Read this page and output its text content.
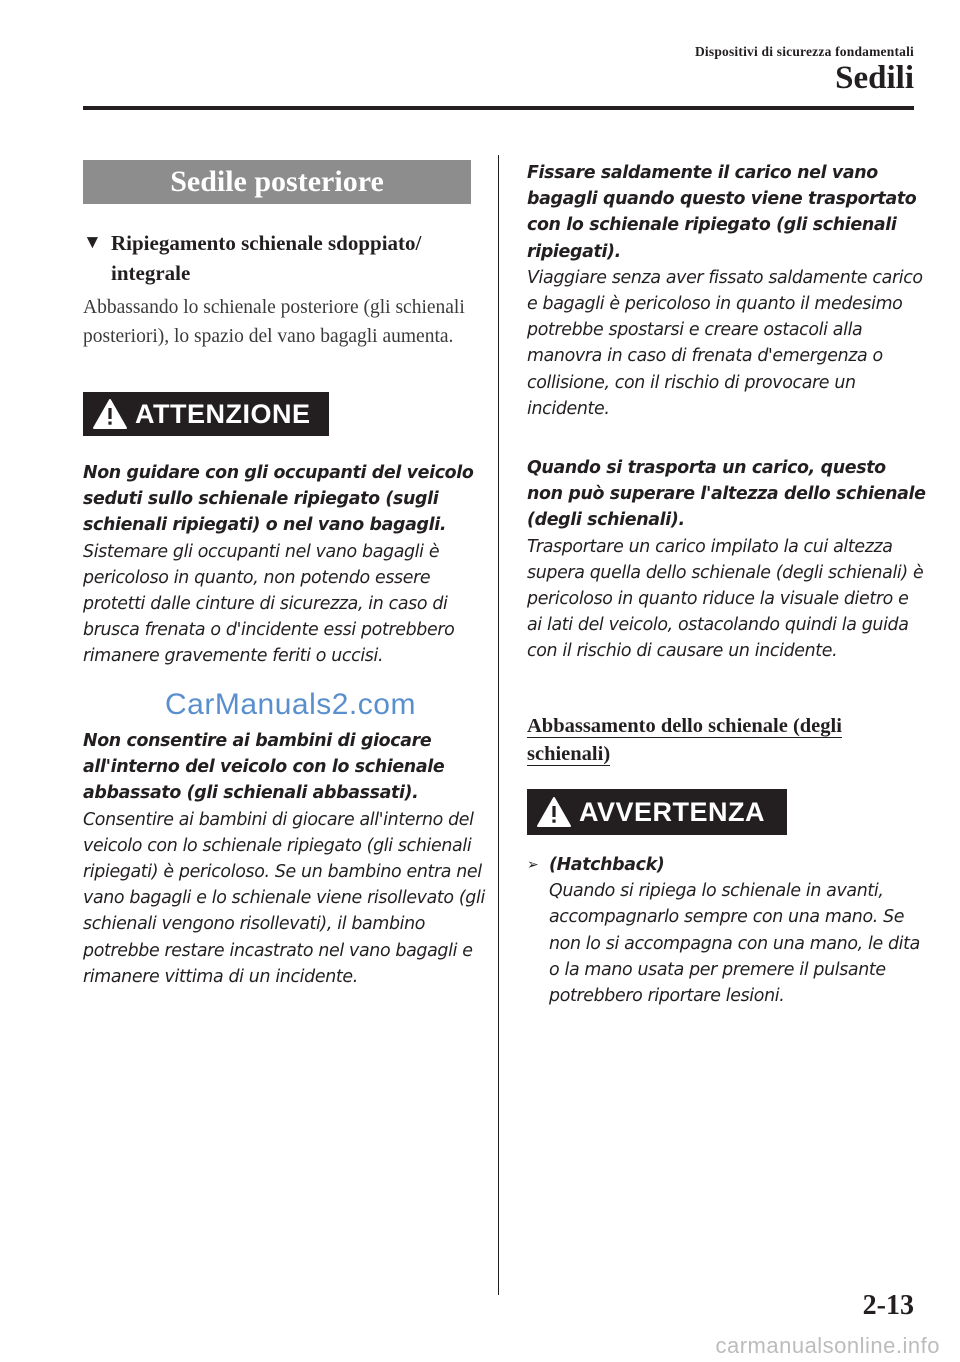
Dispositivi di sicurezza fondamentali
Sedili
Sedile posteriore
▼ Ripiegamento schienale sdoppiato/ integrale
Abbassando lo schienale posteriore (gli schienali posteriori), lo spazio del vano bagagli aumenta.
ATTENZIONE

Non guidare con gli occupanti del veicolo seduti sullo schienale ripiegato (sugli schienali ripiegati) o nel vano bagagli.

Sistemare gli occupanti nel vano bagagli è pericoloso in quanto, non potendo essere protetti dalle cinture di sicurezza, in caso di brusca frenata o d'incidente essi potrebbero rimanere gravemente feriti o uccisi.

CarManuals2.com

Non consentire ai bambini di giocare all'interno del veicolo con lo schienale abbassato (gli schienali abbassati).

Consentire ai bambini di giocare all'interno del veicolo con lo schienale ripiegato (gli schienali ripiegati) è pericoloso. Se un bambino entra nel vano bagagli e lo schienale viene risollevato (gli schienali vengono risollevati), il bambino potrebbe restare incastrato nel vano bagagli e rimanere vittima di un incidente.

Fissare saldamente il carico nel vano bagagli quando questo viene trasportato con lo schienale ripiegato (gli schienali ripiegati).

Viaggiare senza aver fissato saldamente carico e bagagli è pericoloso in quanto il medesimo potrebbe spostarsi e creare ostacoli alla manovra in caso di frenata d'emergenza o collisione, con il rischio di provocare un incidente.

Quando si trasporta un carico, questo non può superare l'altezza dello schienale (degli schienali).

Trasportare un carico impilato la cui altezza supera quella dello schienale (degli schienali) è pericoloso in quanto riduce la visuale dietro e ai lati del veicolo, ostacolando quindi la guida con il rischio di causare un incidente.

Abbassamento dello schienale (degli schienali)
AVVERTENZA
➢ (Hatchback)

Quando si ripiega lo schienale in avanti, accompagnarlo sempre con una mano. Se non lo si accompagna con una mano, le dita o la mano usata per premere il pulsante potrebbero riportare lesioni.

2-13
carmanualsonline.info
